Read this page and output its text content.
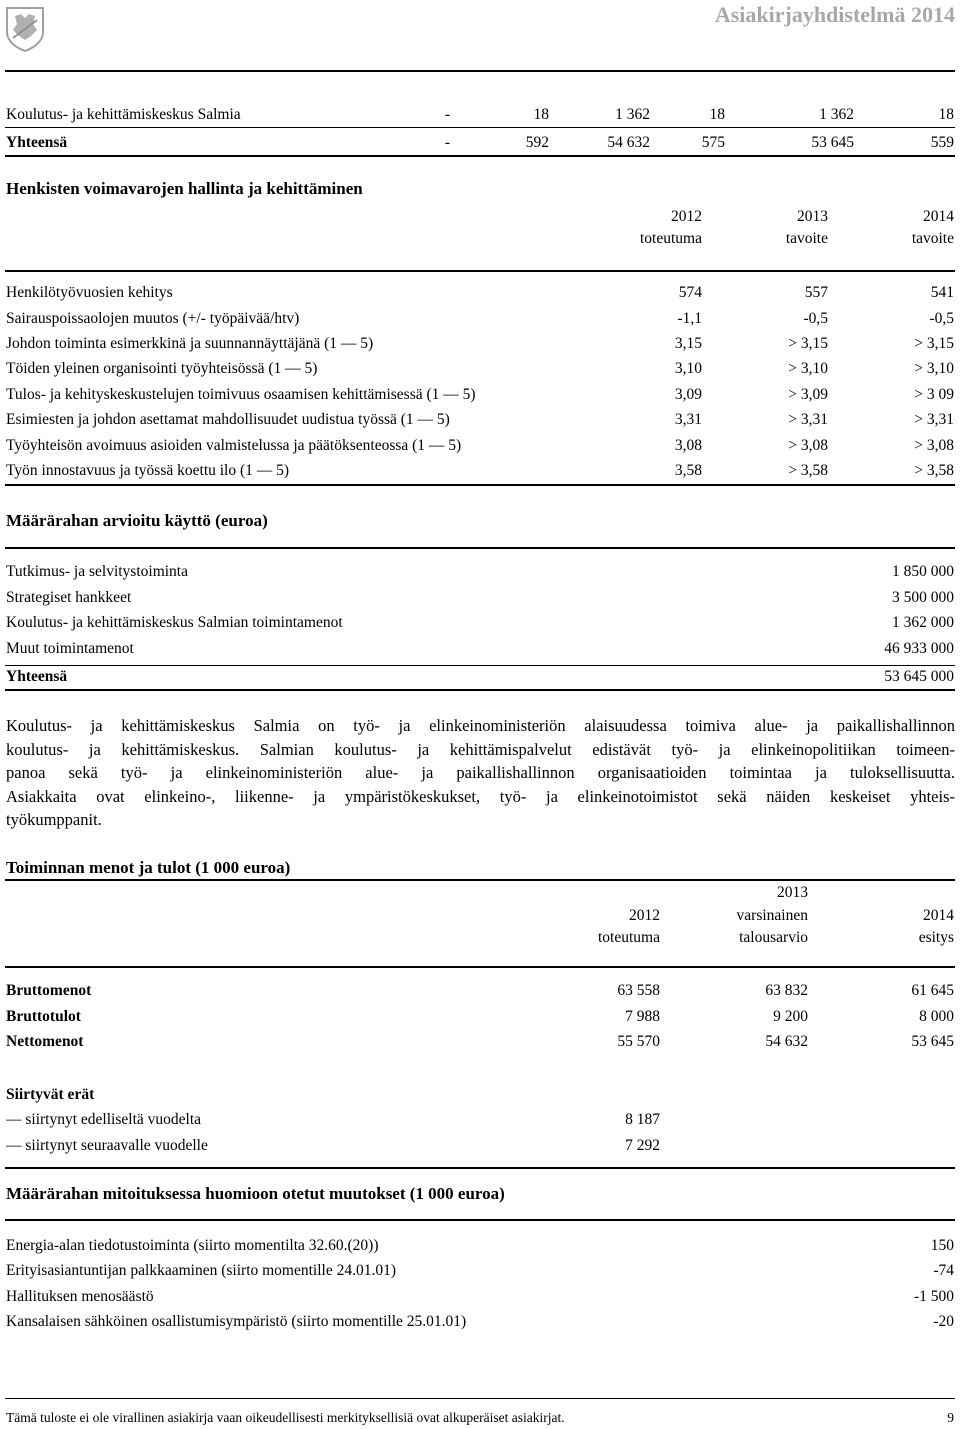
Asiakirjayhdistelmä 2014
Koulutus- ja kehittämiskeskus Salmia	-	18	1 362	18	1 362	18
Yhteensä	-	592	54 632	575	53 645	559
Henkisten voimavarojen hallinta ja kehittäminen
2012	2013	2014
toteutuma	tavoite	tavoite
Henkilötyövuosien kehitys	574	557	541
Sairauspoissaolojen muutos (+/- työpäivää/htv)	-1,1	-0,5	-0,5
Johdon toiminta esimerkkinä ja suunnannäyttäjänä (1 — 5)	3,15	> 3,15	> 3,15
Töiden yleinen organisointi työyhteisössä (1 — 5)	3,10	> 3,10	> 3,10
Tulos- ja kehityskeskustelujen toimivuus osaamisen kehittämisessä (1 — 5)	3,09	> 3,09	> 3 09
Esimiesten ja johdon asettamat mahdollisuudet uudistua työssä (1 — 5)	3,31	> 3,31	> 3,31
Työyhteisön avoimuus asioiden valmistelussa ja päätöksenteossa (1 — 5)	3,08	> 3,08	> 3,08
Työn innostavuus ja työssä koettu ilo (1 — 5)	3,58	> 3,58	> 3,58
Määrärahan arvioitu käyttö (euroa)
Tutkimus- ja selvitystoiminta	1 850 000
Strategiset hankkeet	3 500 000
Koulutus- ja kehittämiskeskus Salmian toimintamenot	1 362 000
Muut toimintamenot	46 933 000
Yhteensä	53 645 000
Koulutus- ja kehittämiskeskus Salmia on työ- ja elinkeinoministeriön alaisuudessa toimiva alue- ja paikallishallinnon
koulutus- ja kehittämiskeskus. Salmian koulutus- ja kehittämispalvelut edistävät työ- ja elinkeinopolitiikan toimeen-
panoa sekä työ- ja elinkeinoministeriön alue- ja paikallishallinnon organisaatioiden toimintaa ja tuloksellisuutta.
Asiakkaita ovat elinkeino-, liikenne- ja ympäristökeskukset, työ- ja elinkeinotoimistot sekä näiden keskeiset yhteis-
työkumppanit.
Toiminnan menot ja tulot (1 000 euroa)
2013
2012	varsinainen	2014
toteutuma	talousarvio	esitys
Bruttomenot	63 558	63 832	61 645
Bruttotulot	7 988	9 200	8 000
Nettomenot	55 570	54 632	53 645
Siirtyvät erät
— siirtynyt edelliseltä vuodelta	8 187
— siirtynyt seuraavalle vuodelle	7 292
Määrärahan mitoituksessa huomioon otetut muutokset (1 000 euroa)
Energia-alan tiedotustoiminta (siirto momentilta 32.60.(20))	150
Erityisasiantuntijan palkkaaminen (siirto momentille 24.01.01)	-74
Hallituksen menosäästö	-1 500
Kansalaisen sähköinen osallistumisympäristö (siirto momentille 25.01.01)	-20
Tämä tuloste ei ole virallinen asiakirja vaan oikeudellisesti merkityksellisiä ovat alkuperäiset asiakirjat.	9
